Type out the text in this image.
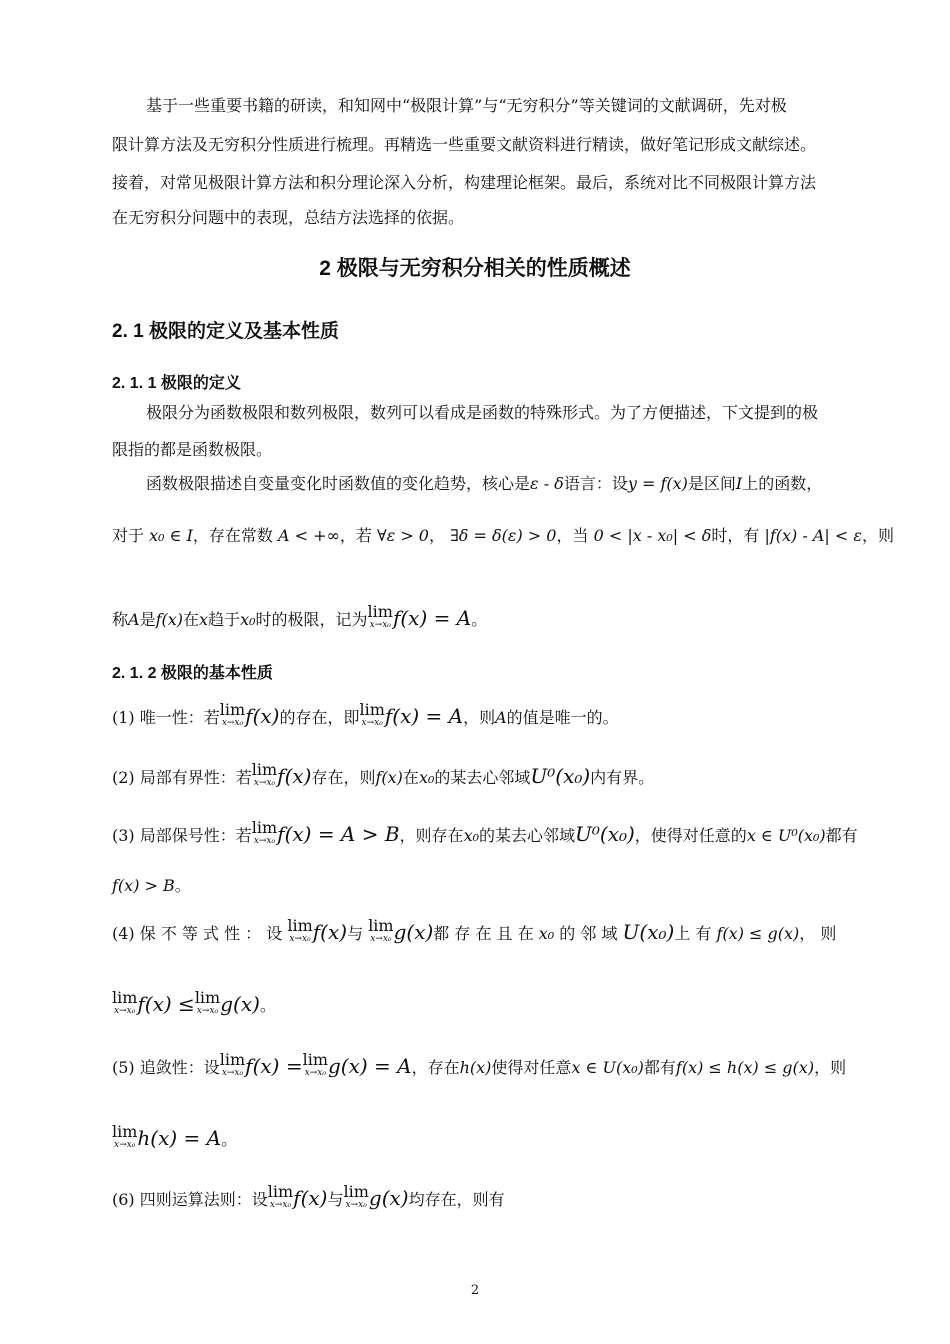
基于一些重要书籍的研读，和知网中“极限计算”与“无穷积分”等关键词的文献调研，先对极
限计算方法及无穷积分性质进行梳理。再精选一些重要文献资料进行精读，做好笔记形成文献综述。
接着，对常见极限计算方法和积分理论深入分析，构建理论框架。最后，系统对比不同极限计算方法
在无穷积分问题中的表现，总结方法选择的依据。
2 极限与无穷积分相关的性质概述
2. 1 极限的定义及基本性质
2. 1. 1 极限的定义
极限分为函数极限和数列极限，数列可以看成是函数的特殊形式。为了方便描述，下文提到的极
限指的都是函数极限。
函数极限描述自变量变化时函数值的变化趋势，核心是ε - δ语言：设y = f(x)是区间I上的函数，
对于 x₀ ∈ I，存在常数 A < +∞，若 ∀ε > 0， ∃δ = δ(ε) > 0，当 0 < |x - x₀| < δ时，有 |f(x) - A| < ε，则
称A是f(x)在x趋于x₀时的极限，记为 lim
x→x₀ f(x) = A。
2. 1. 2 极限的基本性质
(1) 唯一性：若 lim
x→x₀ f(x)的存在，即 lim
x→x₀ f(x) = A，则A的值是唯一的。
(2) 局部有界性：若 lim
x→x₀ f(x)存在，则f(x)在x₀的某去心邻域U⁰(x₀)内有界。
(3) 局部保号性：若 lim
x→x₀ f(x) = A > B，则存在x₀的某去心邻域U⁰(x₀)，使得对任意的x ∈ U⁰(x₀)都有
f(x) > B。
(4) 保 不 等 式 性 ： 设 lim
x→x₀ f(x)与 lim
x→x₀ g(x)都 存 在 且 在 x₀ 的 邻 域 U(x₀)上 有 f(x) ≤ g(x)， 则
lim
x→x₀ f(x) ≤ lim
x→x₀ g(x)。
(5) 追敛性：设 lim
x→x₀ f(x) = lim
x→x₀ g(x) = A，存在h(x)使得对任意x ∈ U(x₀)都有f(x) ≤ h(x) ≤ g(x)，则
lim
x→x₀ h(x) = A。
(6) 四则运算法则：设 lim
x→x₀ f(x)与 lim
x→x₀ g(x)均存在，则有
2
